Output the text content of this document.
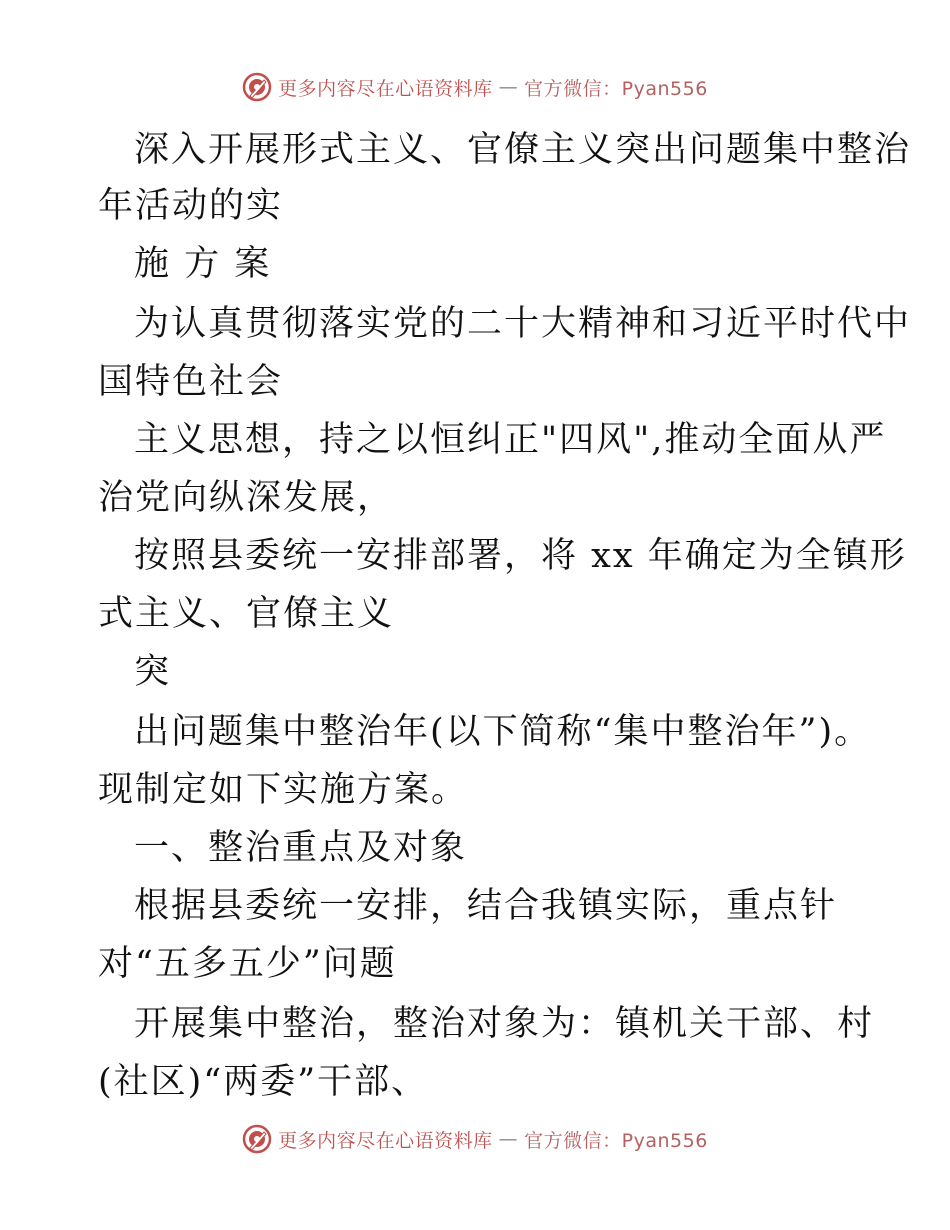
更多内容尽在心语资料库 — 官方微信：Pyan556
深入开展形式主义、官僚主义突出问题集中整治
年活动的实
施 方 案
为认真贯彻落实党的二十大精神和习近平时代中
国特色社会
主义思想，持之以恒纠正"四风",推动全面从严
治党向纵深发展，
按照县委统一安排部署，将 xx 年确定为全镇形
式主义、官僚主义
突
出问题集中整治年(以下简称“集中整治年”)。
现制定如下实施方案。
一、整治重点及对象
根据县委统一安排，结合我镇实际，重点针
对“五多五少”问题
开展集中整治，整治对象为：镇机关干部、村
(社区)“两委”干部、
更多内容尽在心语资料库 — 官方微信：Pyan556
